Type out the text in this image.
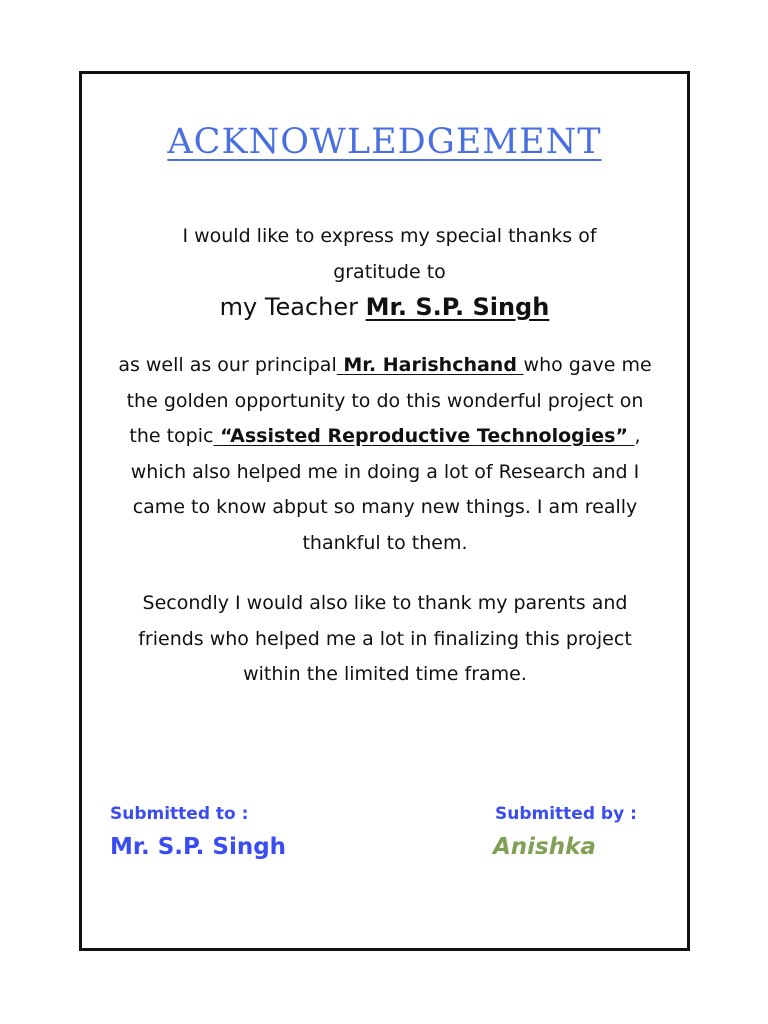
ACKNOWLEDGEMENT
I would like to express my special thanks of gratitude to
my Teacher Mr. S.P. Singh
as well as our principal Mr. Harishchand who gave me the golden opportunity to do this wonderful project on the topic “Assisted Reproductive Technologies” , which also helped me in doing a lot of Research and I came to know abput so many new things. I am really thankful to them.
Secondly I would also like to thank my parents and friends who helped me a lot in finalizing this project within the limited time frame.
Submitted to :
Mr. S.P. Singh
Submitted by :
Anishka
